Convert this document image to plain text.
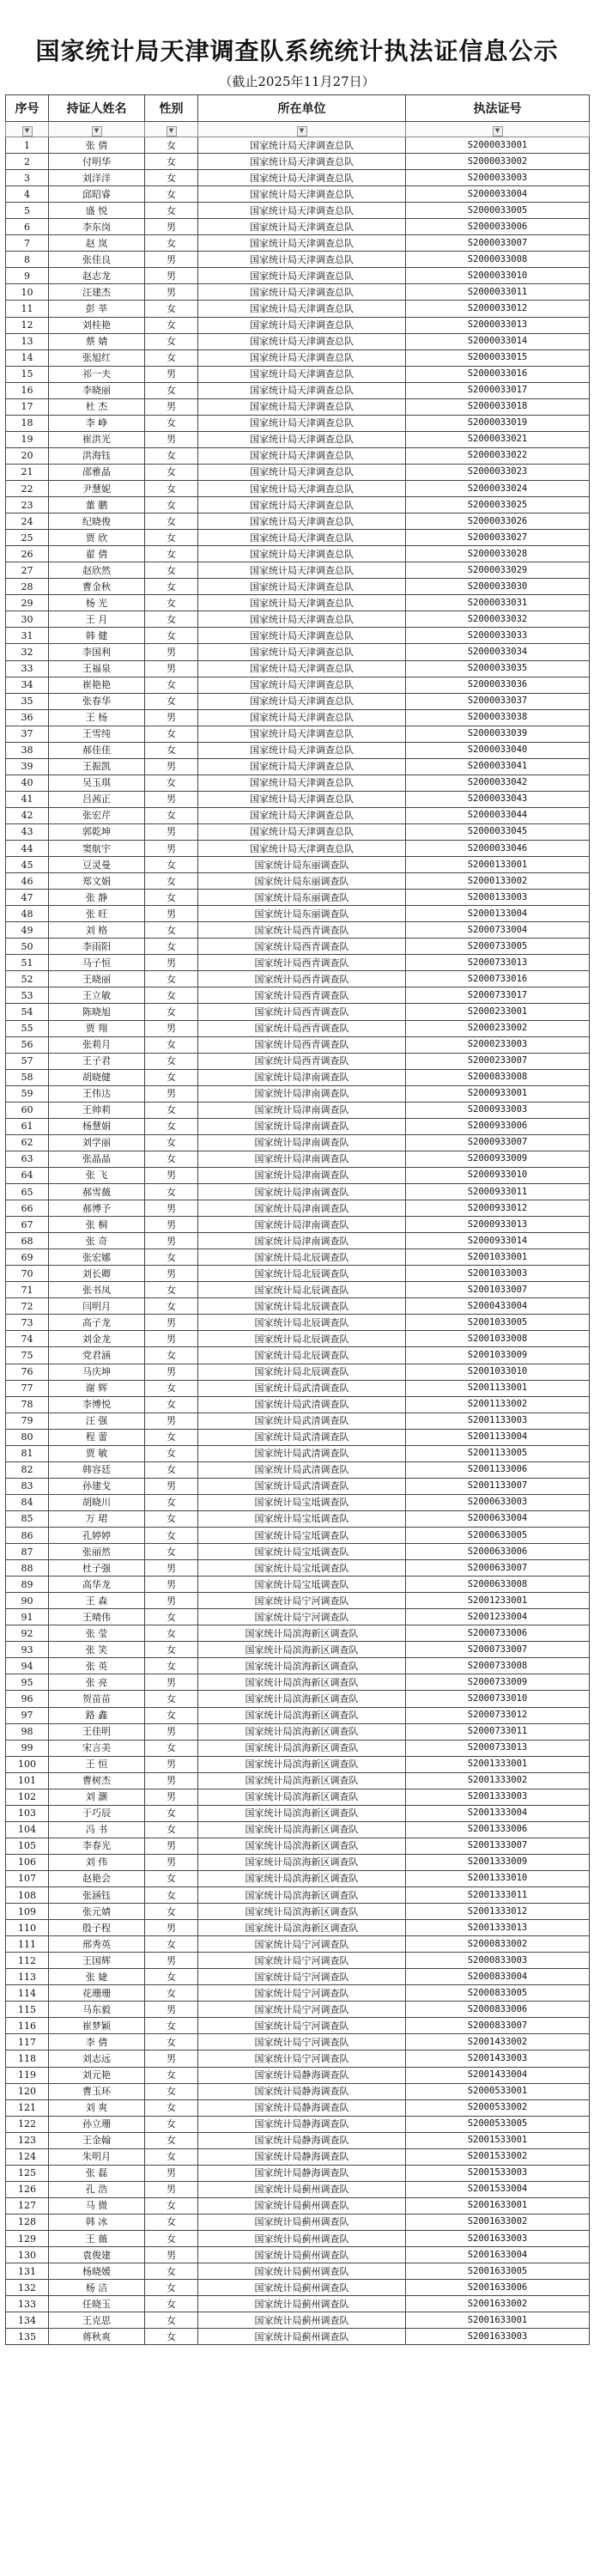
国家统计局天津调查队系统统计执法证信息公示
（截止2025年11月27日）
▼	▼	▼	▼	▼
序号	持证人姓名	性别	所在单位	执法证号
1	张 倩	女	国家统计局天津调查总队	S2000033001
2	付明华	女	国家统计局天津调查总队	S2000033002
3	刘洋洋	女	国家统计局天津调查总队	S2000033003
4	邱昭睿	女	国家统计局天津调查总队	S2000033004
5	盛 悦	女	国家统计局天津调查总队	S2000033005
6	李东岗	男	国家统计局天津调查总队	S2000033006
7	赵 岚	女	国家统计局天津调查总队	S2000033007
8	张佳良	男	国家统计局天津调查总队	S2000033008
9	赵志龙	男	国家统计局天津调查总队	S2000033010
10	汪建杰	男	国家统计局天津调查总队	S2000033011
11	彭 莘	女	国家统计局天津调查总队	S2000033012
12	刘桂艳	女	国家统计局天津调查总队	S2000033013
13	蔡 婧	女	国家统计局天津调查总队	S2000033014
14	张旭红	女	国家统计局天津调查总队	S2000033015
15	祁一夫	男	国家统计局天津调查总队	S2000033016
16	李晓丽	女	国家统计局天津调查总队	S2000033017
17	杜 杰	男	国家统计局天津调查总队	S2000033018
18	李 峥	女	国家统计局天津调查总队	S2000033019
19	崔洪光	男	国家统计局天津调查总队	S2000033021
20	洪海钰	女	国家统计局天津调查总队	S2000033022
21	邵雅晶	女	国家统计局天津调查总队	S2000033023
22	尹慧妮	女	国家统计局天津调查总队	S2000033024
23	董 鹏	女	国家统计局天津调查总队	S2000033025
24	纪晓俊	女	国家统计局天津调查总队	S2000033026
25	贾 欣	女	国家统计局天津调查总队	S2000033027
26	翟 倩	女	国家统计局天津调查总队	S2000033028
27	赵欣然	女	国家统计局天津调查总队	S2000033029
28	曹金秋	女	国家统计局天津调查总队	S2000033030
29	杨 光	女	国家统计局天津调查总队	S2000033031
30	王 月	女	国家统计局天津调查总队	S2000033032
31	韩 健	女	国家统计局天津调查总队	S2000033033
32	李国利	男	国家统计局天津调查总队	S2000033034
33	王福泉	男	国家统计局天津调查总队	S2000033035
34	崔艳艳	女	国家统计局天津调查总队	S2000033036
35	张春华	女	国家统计局天津调查总队	S2000033037
36	王 杨	男	国家统计局天津调查总队	S2000033038
37	王雪纯	女	国家统计局天津调查总队	S2000033039
38	郝佳佳	女	国家统计局天津调查总队	S2000033040
39	王振凯	男	国家统计局天津调查总队	S2000033041
40	吴玉琪	女	国家统计局天津调查总队	S2000033042
41	吕茜正	男	国家统计局天津调查总队	S2000033043
42	张宏芹	女	国家统计局天津调查总队	S2000033044
43	郭乾坤	男	国家统计局天津调查总队	S2000033045
44	窦航宇	男	国家统计局天津调查总队	S2000033046
45	豆灵曼	女	国家统计局东丽调查队	S2000133001
46	郑文娟	女	国家统计局东丽调查队	S2000133002
47	张 静	女	国家统计局东丽调查队	S2000133003
48	张 旺	男	国家统计局东丽调查队	S2000133004
49	刘 格	女	国家统计局西青调查队	S2000733004
50	李雨阳	女	国家统计局西青调查队	S2000733005
51	马子恒	男	国家统计局西青调查队	S2000733013
52	王晓丽	女	国家统计局西青调查队	S2000733016
53	王立敏	女	国家统计局西青调查队	S2000733017
54	陈晓旭	女	国家统计局西青调查队	S2000233001
55	贾 翔	男	国家统计局西青调查队	S2000233002
56	张莉月	女	国家统计局西青调查队	S2000233003
57	王子君	女	国家统计局西青调查队	S2000233007
58	胡晓健	女	国家统计局津南调查队	S2000833008
59	王伟达	男	国家统计局津南调查队	S2000933001
60	王帅莉	女	国家统计局津南调查队	S2000933003
61	杨慧娟	女	国家统计局津南调查队	S2000933006
62	刘学丽	女	国家统计局津南调查队	S2000933007
63	张晶晶	女	国家统计局津南调查队	S2000933009
64	张 飞	男	国家统计局津南调查队	S2000933010
65	郝雪薇	女	国家统计局津南调查队	S2000933011
66	郝博予	男	国家统计局津南调查队	S2000933012
67	张 桐	男	国家统计局津南调查队	S2000933013
68	张 奇	男	国家统计局津南调查队	S2000933014
69	张宏娜	女	国家统计局北辰调查队	S2001033001
70	刘长卿	男	国家统计局北辰调查队	S2001033003
71	张书凤	女	国家统计局北辰调查队	S2001033007
72	闫明月	女	国家统计局北辰调查队	S2000433004
73	高子龙	男	国家统计局北辰调查队	S2001033005
74	刘金龙	男	国家统计局北辰调查队	S2001033008
75	党君涵	女	国家统计局北辰调查队	S2001033009
76	马庆坤	男	国家统计局北辰调查队	S2001033010
77	谢 辉	女	国家统计局武清调查队	S2001133001
78	李博悦	女	国家统计局武清调查队	S2001133002
79	汪 强	男	国家统计局武清调查队	S2001133003
80	程 蕾	女	国家统计局武清调查队	S2001133004
81	贾 敏	女	国家统计局武清调查队	S2001133005
82	韩容廷	女	国家统计局武清调查队	S2001133006
83	孙建戈	男	国家统计局武清调查队	S2001133007
84	胡晓川	女	国家统计局宝坻调查队	S2000633003
85	万 珺	女	国家统计局宝坻调查队	S2000633004
86	孔婷婷	女	国家统计局宝坻调查队	S2000633005
87	张丽然	女	国家统计局宝坻调查队	S2000633006
88	杜子强	男	国家统计局宝坻调查队	S2000633007
89	高华龙	男	国家统计局宝坻调查队	S2000633008
90	王 森	男	国家统计局宁河调查队	S2001233001
91	王晴伟	女	国家统计局宁河调查队	S2001233004
92	张 莹	女	国家统计局滨海新区调查队	S2000733006
93	张 笑	女	国家统计局滨海新区调查队	S2000733007
94	张 英	女	国家统计局滨海新区调查队	S2000733008
95	张 亮	男	国家统计局滨海新区调查队	S2000733009
96	贺苗苗	女	国家统计局滨海新区调查队	S2000733010
97	路 鑫	女	国家统计局滨海新区调查队	S2000733012
98	王佳明	男	国家统计局滨海新区调查队	S2000733011
99	宋言美	女	国家统计局滨海新区调查队	S2000733013
100	王 恒	男	国家统计局滨海新区调查队	S2001333001
101	曹树杰	男	国家统计局滨海新区调查队	S2001333002
102	刘 灏	男	国家统计局滨海新区调查队	S2001333003
103	于巧辰	女	国家统计局滨海新区调查队	S2001333004
104	冯 书	女	国家统计局滨海新区调查队	S2001333006
105	李春光	男	国家统计局滨海新区调查队	S2001333007
106	刘 伟	男	国家统计局滨海新区调查队	S2001333009
107	赵艳会	女	国家统计局滨海新区调查队	S2001333010
108	张涵钰	女	国家统计局滨海新区调查队	S2001333011
109	张元婧	女	国家统计局滨海新区调查队	S2001333012
110	殷子程	男	国家统计局滨海新区调查队	S2001333013
111	邢秀英	女	国家统计局宁河调查队	S2000833002
112	王国辉	男	国家统计局宁河调查队	S2000833003
113	张 婕	女	国家统计局宁河调查队	S2000833004
114	花珊珊	女	国家统计局宁河调查队	S2000833005
115	马东毅	男	国家统计局宁河调查队	S2000833006
116	崔梦颖	女	国家统计局宁河调查队	S2000833007
117	李 倩	女	国家统计局宁河调查队	S2001433002
118	刘志远	男	国家统计局宁河调查队	S2001433003
119	刘元艳	女	国家统计局静海调查队	S2001433004
120	曹玉环	女	国家统计局静海调查队	S2000533001
121	刘 爽	女	国家统计局静海调查队	S2000533002
122	孙立珊	女	国家统计局静海调查队	S2000533005
123	王金翰	女	国家统计局静海调查队	S2001533001
124	朱明月	女	国家统计局静海调查队	S2001533002
125	张 磊	男	国家统计局静海调查队	S2001533003
126	孔 浩	男	国家统计局蓟州调查队	S2001533004
127	马 微	女	国家统计局蓟州调查队	S2001633001
128	韩 冰	女	国家统计局蓟州调查队	S2001633002
129	王 薇	女	国家统计局蓟州调查队	S2001633003
130	袁俊建	男	国家统计局蓟州调查队	S2001633004
131	杨晓媛	女	国家统计局蓟州调查队	S2001633005
132	杨 洁	女	国家统计局蓟州调查队	S2001633006
133	任晓玉	女	国家统计局蓟州调查队	S2001633002
134	王克思	女	国家统计局蓟州调查队	S2001633001
135	蒋秋爽	女	国家统计局蓟州调查队	S2001633003
